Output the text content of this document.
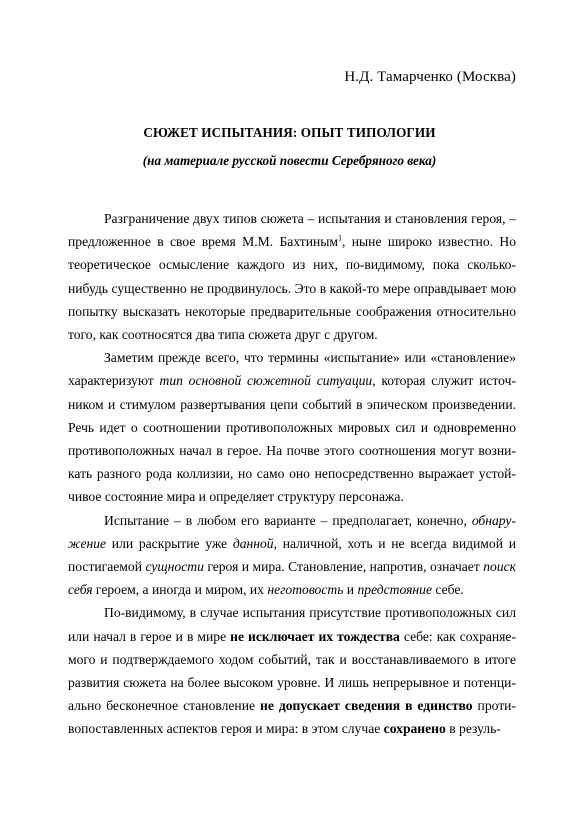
Н.Д. Тамарченко (Москва)
СЮЖЕТ ИСПЫТАНИЯ: ОПЫТ ТИПОЛОГИИ
(на материале русской повести Серебряного века)

Разграничение двух типов сюжета – испытания и становления героя, – предложенное в свое время М.М. Бахтиным$^1$, ныне широко известно. Но теоретическое осмысление каждого из них, по-видимому, пока сколько-нибудь существенно не продвинулось. Это в какой-то мере оправдывает мою попытку высказать некоторые предварительные соображения относительно того, как соотносятся два типа сюжета друг с другом.

Заметим прежде всего, что термины «испытание» или «становление» характеризуют тип основной сюжетной ситуации, которая служит источником и стимулом развертывания цепи событий в эпическом произведении. Речь идет о соотношении противоположных мировых сил и одновременно противоположных начал в герое. На почве этого соотношения могут возникать разного рода коллизии, но само оно непосредственно выражает устойчивое состояние мира и определяет структуру персонажа.

Испытание – в любом его варианте – предполагает, конечно, обнаружение или раскрытие уже данной, наличной, хоть и не всегда видимой и постигаемой сущности героя и мира. Становление, напротив, означает поиск себя героем, а иногда и миром, их неготовость и предстояние себе.

По-видимому, в случае испытания присутствие противоположных сил или начал в герое и в мире не исключает их тождества себе: как сохраняемого и подтверждаемого ходом событий, так и восстанавливаемого в итоге развития сюжета на более высоком уровне. И лишь непрерывное и потенциально бесконечное становление не допускает сведения в единство противопоставленных аспектов героя и мира: в этом случае сохранено в резуль-
